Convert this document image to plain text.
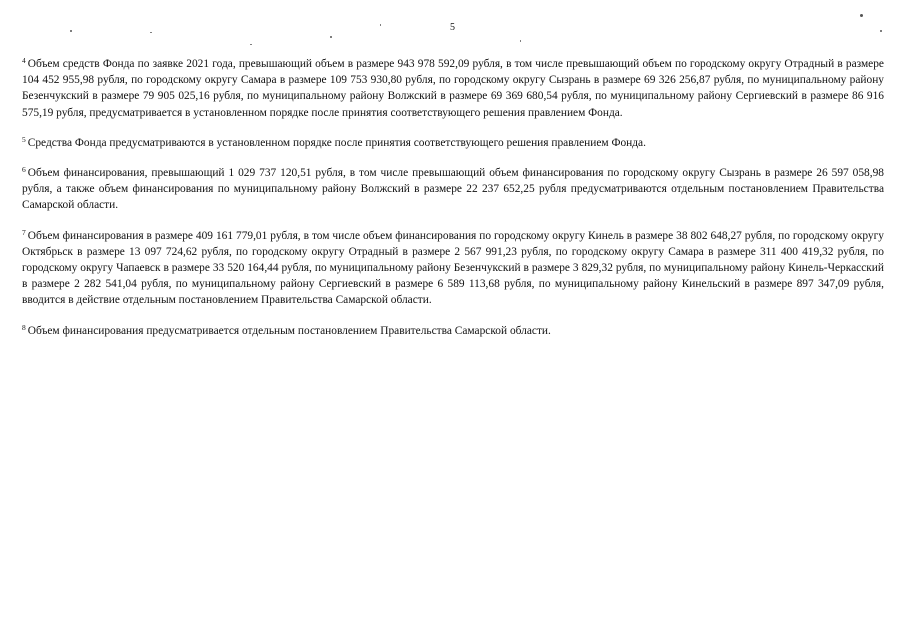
5

$^4$ Объем средств Фонда по заявке 2021 года, превышающий объем в размере 943 978 592,09 рубля, в том числе превышающий объем по городскому округу Отрадный в размере 104 452 955,98 рубля, по городскому округу Самара в размере 109 753 930,80 рубля, по городскому округу Сызрань в размере 69 326 256,87 рубля, по муниципальному району Безенчукский в размере 79 905 025,16 рубля, по муниципальному району Волжский в размере 69 369 680,54 рубля, по муниципальному району Сергиевский в размере 86 916 575,19 рубля, предусматривается в установленном порядке после принятия соответствующего решения правлением Фонда.

$^5$ Средства Фонда предусматриваются в установленном порядке после принятия соответствующего решения правлением Фонда.

$^6$ Объем финансирования, превышающий 1 029 737 120,51 рубля, в том числе превышающий объем финансирования по городскому округу Сызрань в размере 26 597 058,98 рубля, а также объем финансирования по муниципальному району Волжский в размере 22 237 652,25 рубля предусматриваются отдельным постановлением Правительства Самарской области.

$^7$ Объем финансирования в размере 409 161 779,01 рубля, в том числе объем финансирования по городскому округу Кинель в размере 38 802 648,27 рубля, по городскому округу Октябрьск в размере 13 097 724,62 рубля, по городскому округу Отрадный в размере 2 567 991,23 рубля, по городскому округу Самара в размере 311 400 419,32 рубля, по городскому округу Чапаевск в размере 33 520 164,44 рубля, по муниципальному району Безенчукский в размере 3 829,32 рубля, по муниципальному району Кинель-Черкасский в размере 2 282 541,04 рубля, по муниципальному району Сергиевский в размере 6 589 113,68 рубля, по муниципальному району Кинельский в размере 897 347,09 рубля, вводится в действие отдельным постановлением Правительства Самарской области.

$^8$ Объем финансирования предусматривается отдельным постановлением Правительства Самарской области.
